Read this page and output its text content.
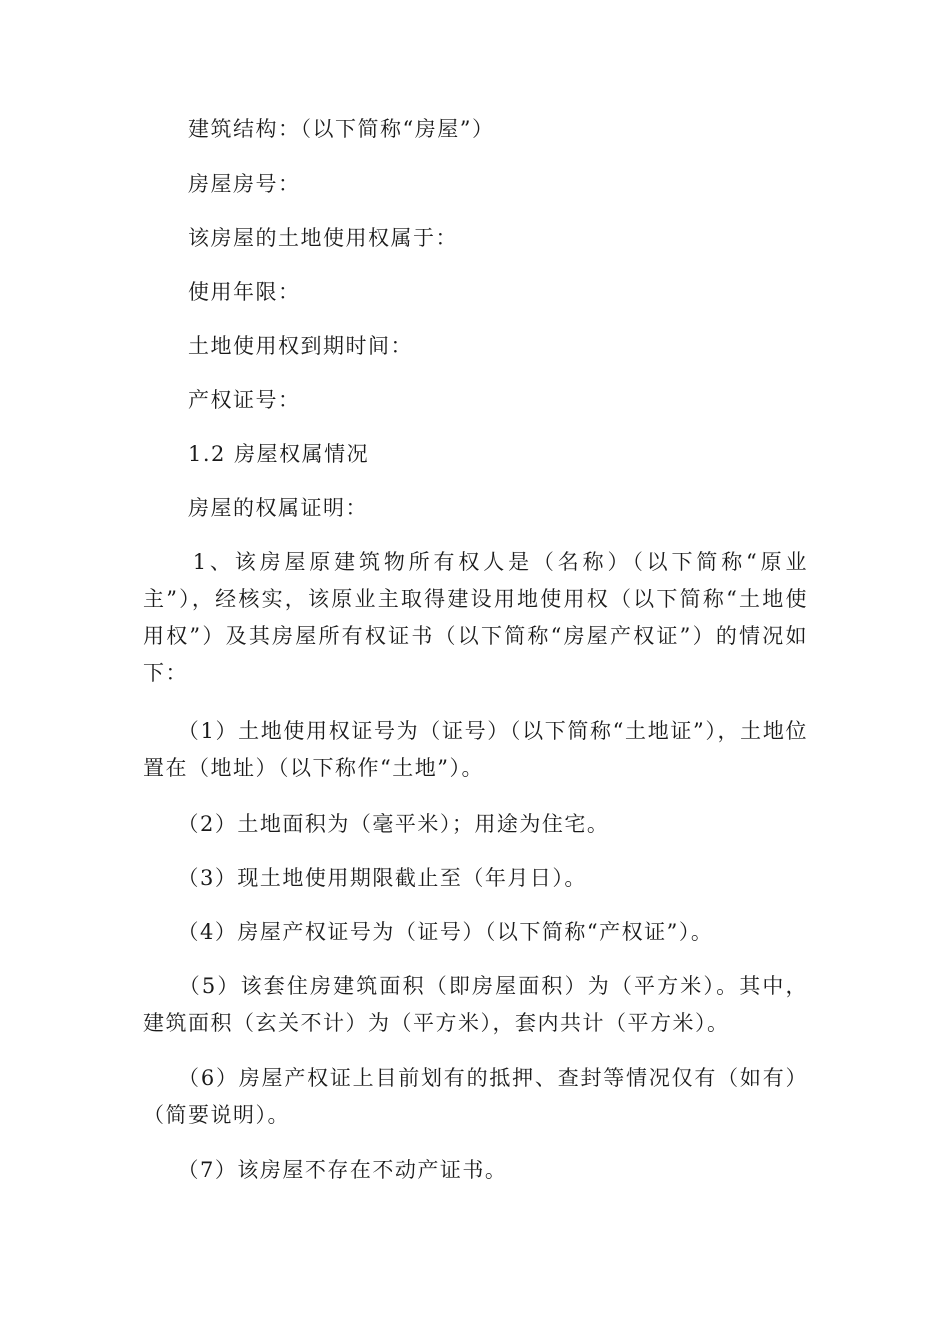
　　建筑结构：（以下简称“房屋”）

　　房屋房号：

　　该房屋的土地使用权属于：

　　使用年限：

　　土地使用权到期时间：

　　产权证号：

　　1.2 房屋权属情况

　　房屋的权属证明：

　　1、该房屋原建筑物所有权人是（名称）（以下简称“原业主”），经核实，该原业主取得建设用地使用权（以下简称“土地使用权”）及其房屋所有权证书（以下简称“房屋产权证”）的情况如下：

　　（1）土地使用权证号为（证号）（以下简称“土地证”），土地位置在（地址）（以下称作“土地”）。

　　（2）土地面积为（毫平米）；用途为住宅。

　　（3）现土地使用期限截止至（年月日）。

　　（4）房屋产权证号为（证号）（以下简称“产权证”）。

　　（5）该套住房建筑面积（即房屋面积）为（平方米）。其中，建筑面积（玄关不计）为（平方米），套内共计（平方米）。

　　（6）房屋产权证上目前划有的抵押、查封等情况仅有（如有）（简要说明）。

　　（7）该房屋不存在不动产证书。
